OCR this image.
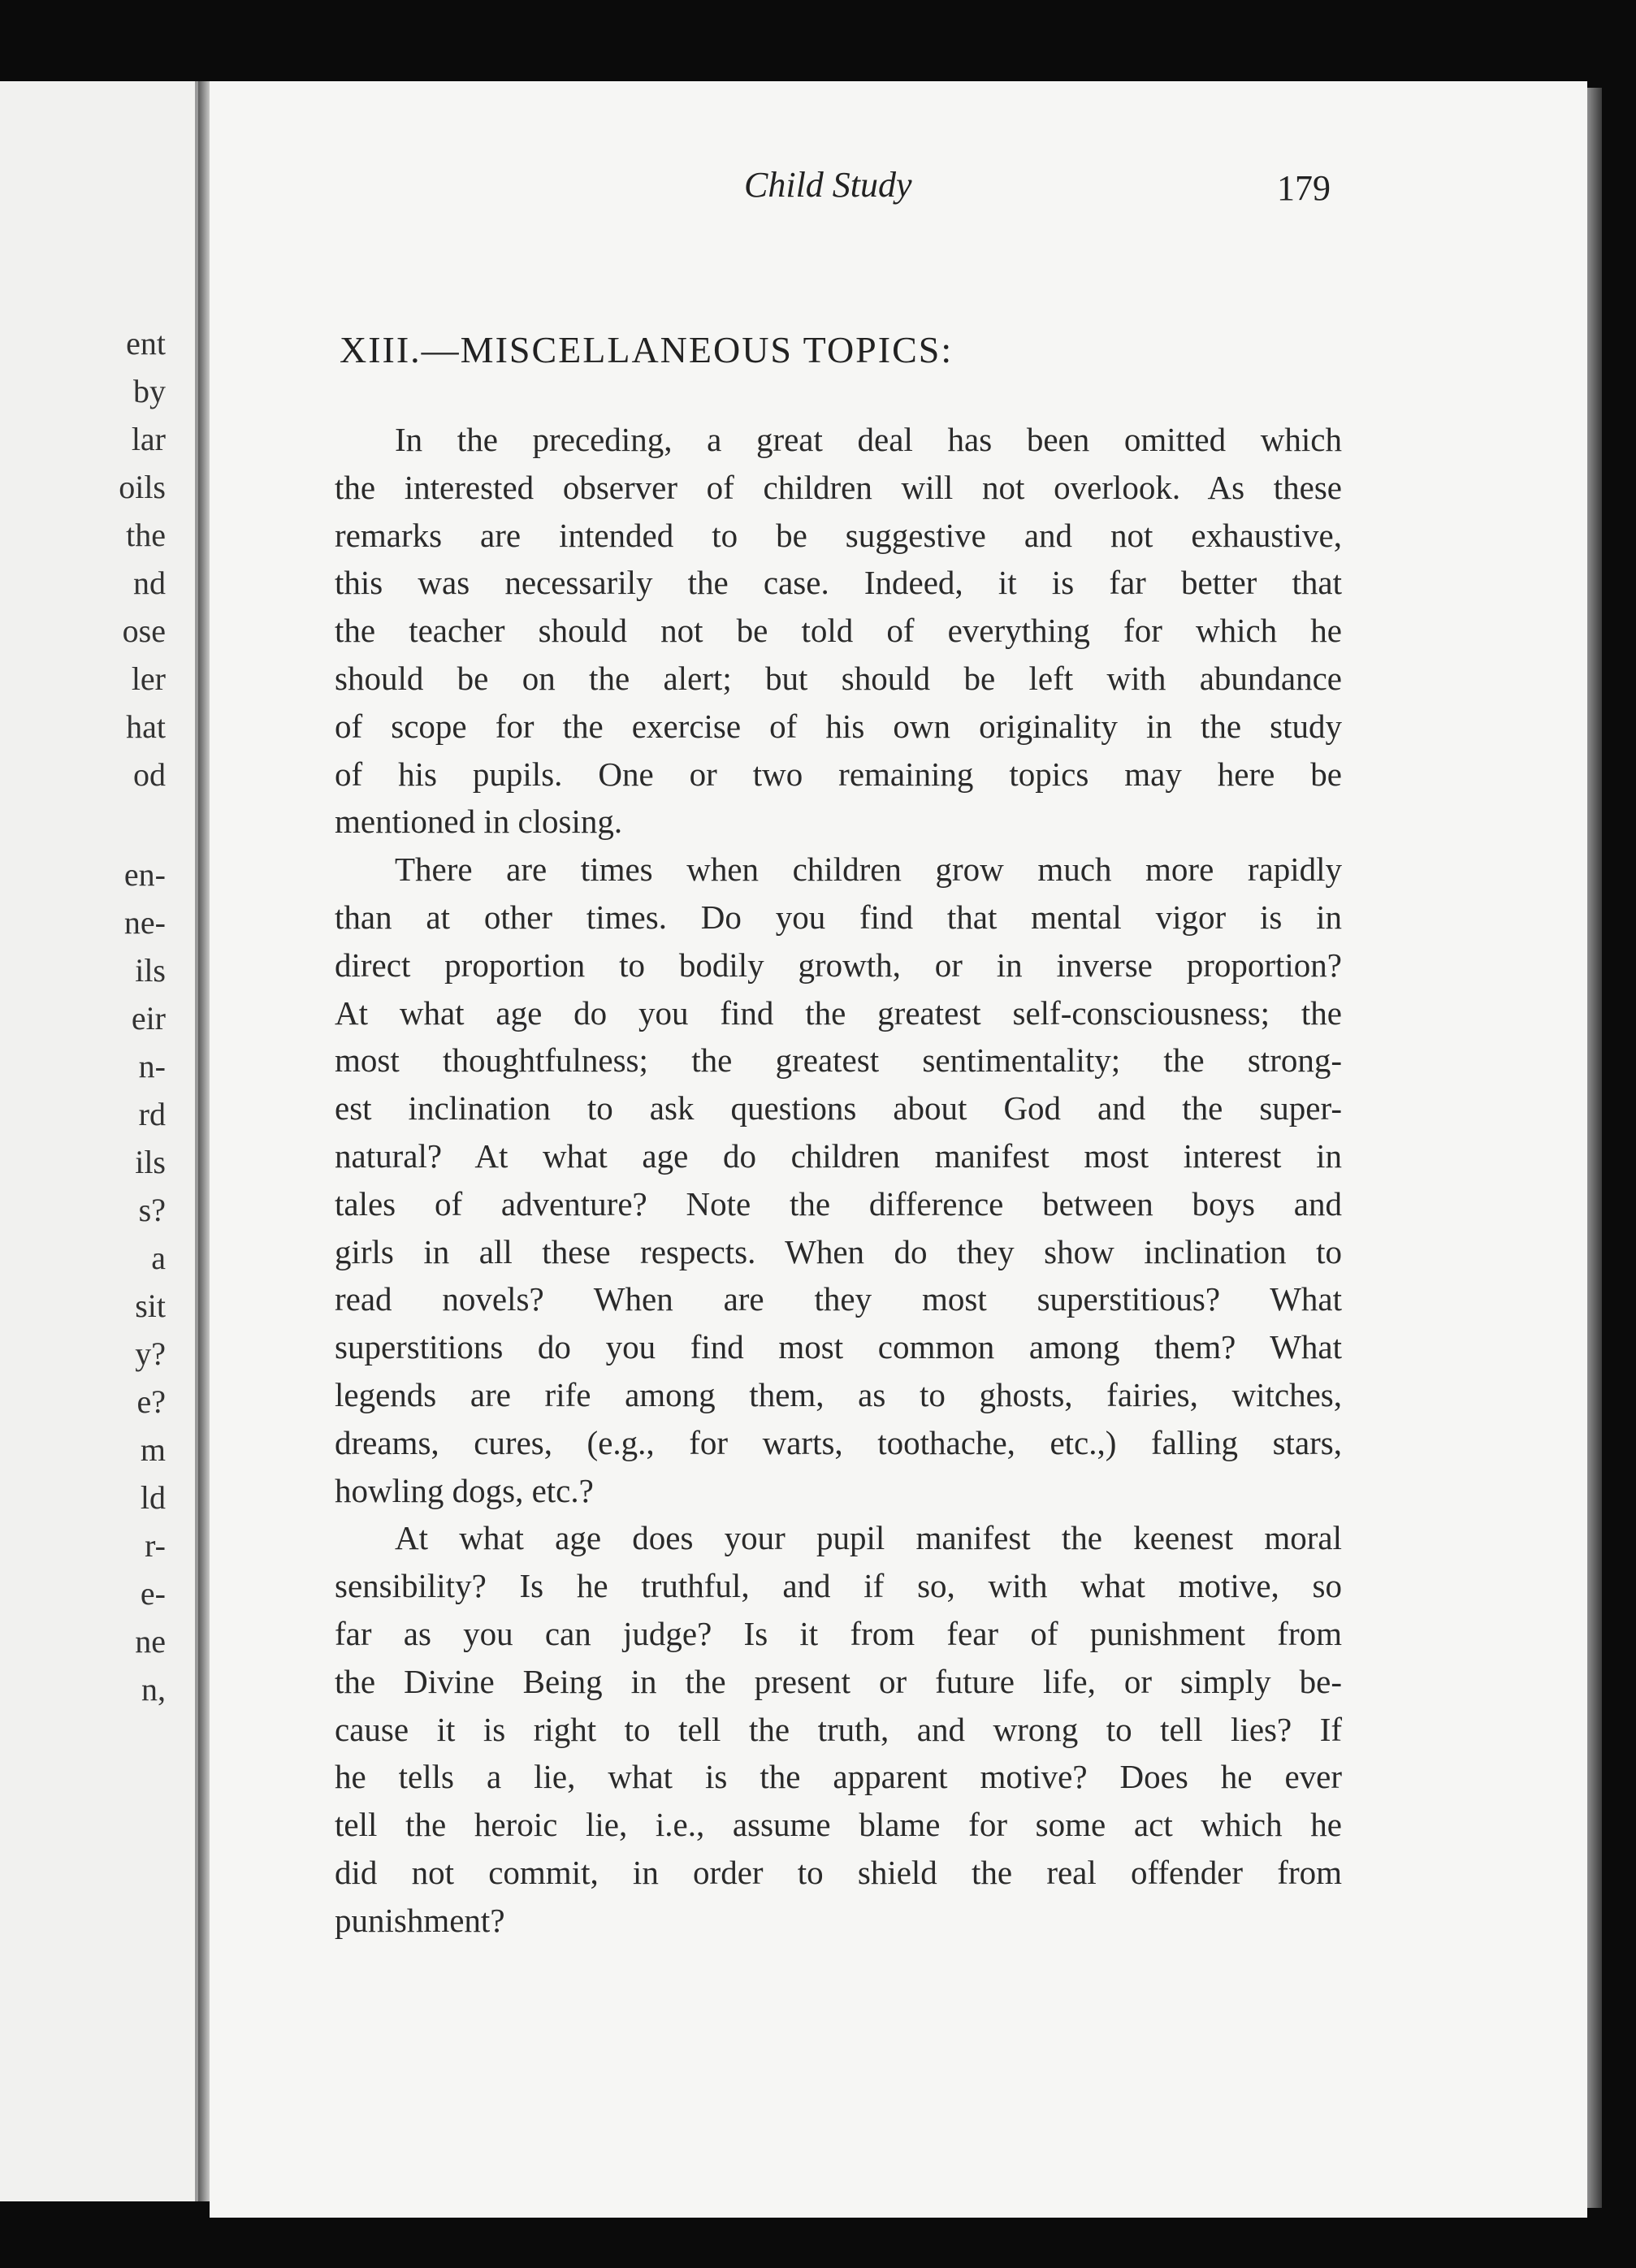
ent
by
lar
oils
the
nd
ose
ler
hat
od
en-
ne-
ils
eir
n-
rd
ils
s?
a
sit
y?
e?
m
ld
r-
e-
ne
n,
Child Study	179
XIII.—MISCELLANEOUS TOPICS:
In the preceding, a great deal has been omitted which
the interested observer of children will not overlook. As these
remarks are intended to be suggestive and not exhaustive,
this was necessarily the case. Indeed, it is far better that
the teacher should not be told of everything for which he
should be on the alert; but should be left with abundance
of scope for the exercise of his own originality in the study
of his pupils. One or two remaining topics may here be
mentioned in closing.
There are times when children grow much more rapidly
than at other times. Do you find that mental vigor is in
direct proportion to bodily growth, or in inverse proportion?
At what age do you find the greatest self-consciousness; the
most thoughtfulness; the greatest sentimentality; the strong-
est inclination to ask questions about God and the super-
natural? At what age do children manifest most interest in
tales of adventure? Note the difference between boys and
girls in all these respects. When do they show inclination to
read novels? When are they most superstitious? What
superstitions do you find most common among them? What
legends are rife among them, as to ghosts, fairies, witches,
dreams, cures, (e.g., for warts, toothache, etc.,) falling stars,
howling dogs, etc.?
At what age does your pupil manifest the keenest moral
sensibility? Is he truthful, and if so, with what motive, so
far as you can judge? Is it from fear of punishment from
the Divine Being in the present or future life, or simply be-
cause it is right to tell the truth, and wrong to tell lies? If
he tells a lie, what is the apparent motive? Does he ever
tell the heroic lie, i.e., assume blame for some act which he
did not commit, in order to shield the real offender from
punishment?
